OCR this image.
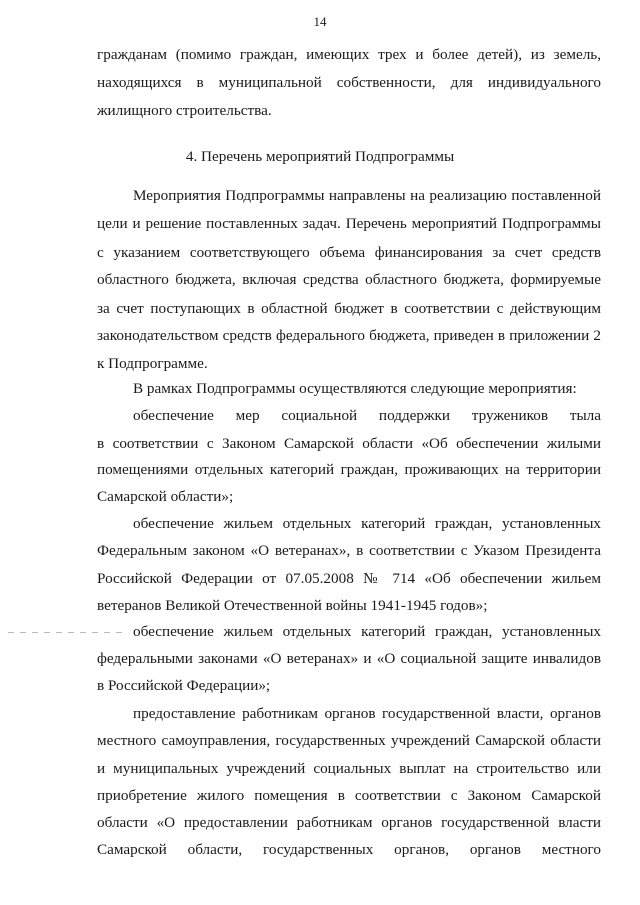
14
гражданам (помимо граждан, имеющих трех и более детей), из земель,
находящихся в муниципальной собственности, для индивидуального
жилищного строительства.
4. Перечень мероприятий Подпрограммы
Мероприятия Подпрограммы направлены на реализацию поставленной
цели и решение поставленных задач. Перечень мероприятий Подпрограммы
с указанием соответствующего объема финансирования за счет средств
областного бюджета, включая средства областного бюджета, формируемые
за счет поступающих в областной бюджет в соответствии с действующим
законодательством средств федерального бюджета, приведен в приложении 2
к Подпрограмме.
В рамках Подпрограммы осуществляются следующие мероприятия:
обеспечение мер социальной поддержки тружеников тыла
в соответствии с Законом Самарской области «Об обеспечении жилыми
помещениями отдельных категорий граждан, проживающих на территории
Самарской области»;
обеспечение жильем отдельных категорий граждан, установленных
Федеральным законом «О ветеранах», в соответствии с Указом Президента
Российской Федерации от 07.05.2008 № 714 «Об обеспечении жильем
ветеранов Великой Отечественной войны 1941-1945 годов»;
обеспечение жильем отдельных категорий граждан, установленных
федеральными законами «О ветеранах» и «О социальной защите инвалидов
в Российской Федерации»;
предоставление работникам органов государственной власти, органов
местного самоуправления, государственных учреждений Самарской области
и муниципальных учреждений социальных выплат на строительство или
приобретение жилого помещения в соответствии с Законом Самарской
области «О предоставлении работникам органов государственной власти
Самарской области, государственных органов, органов местного
